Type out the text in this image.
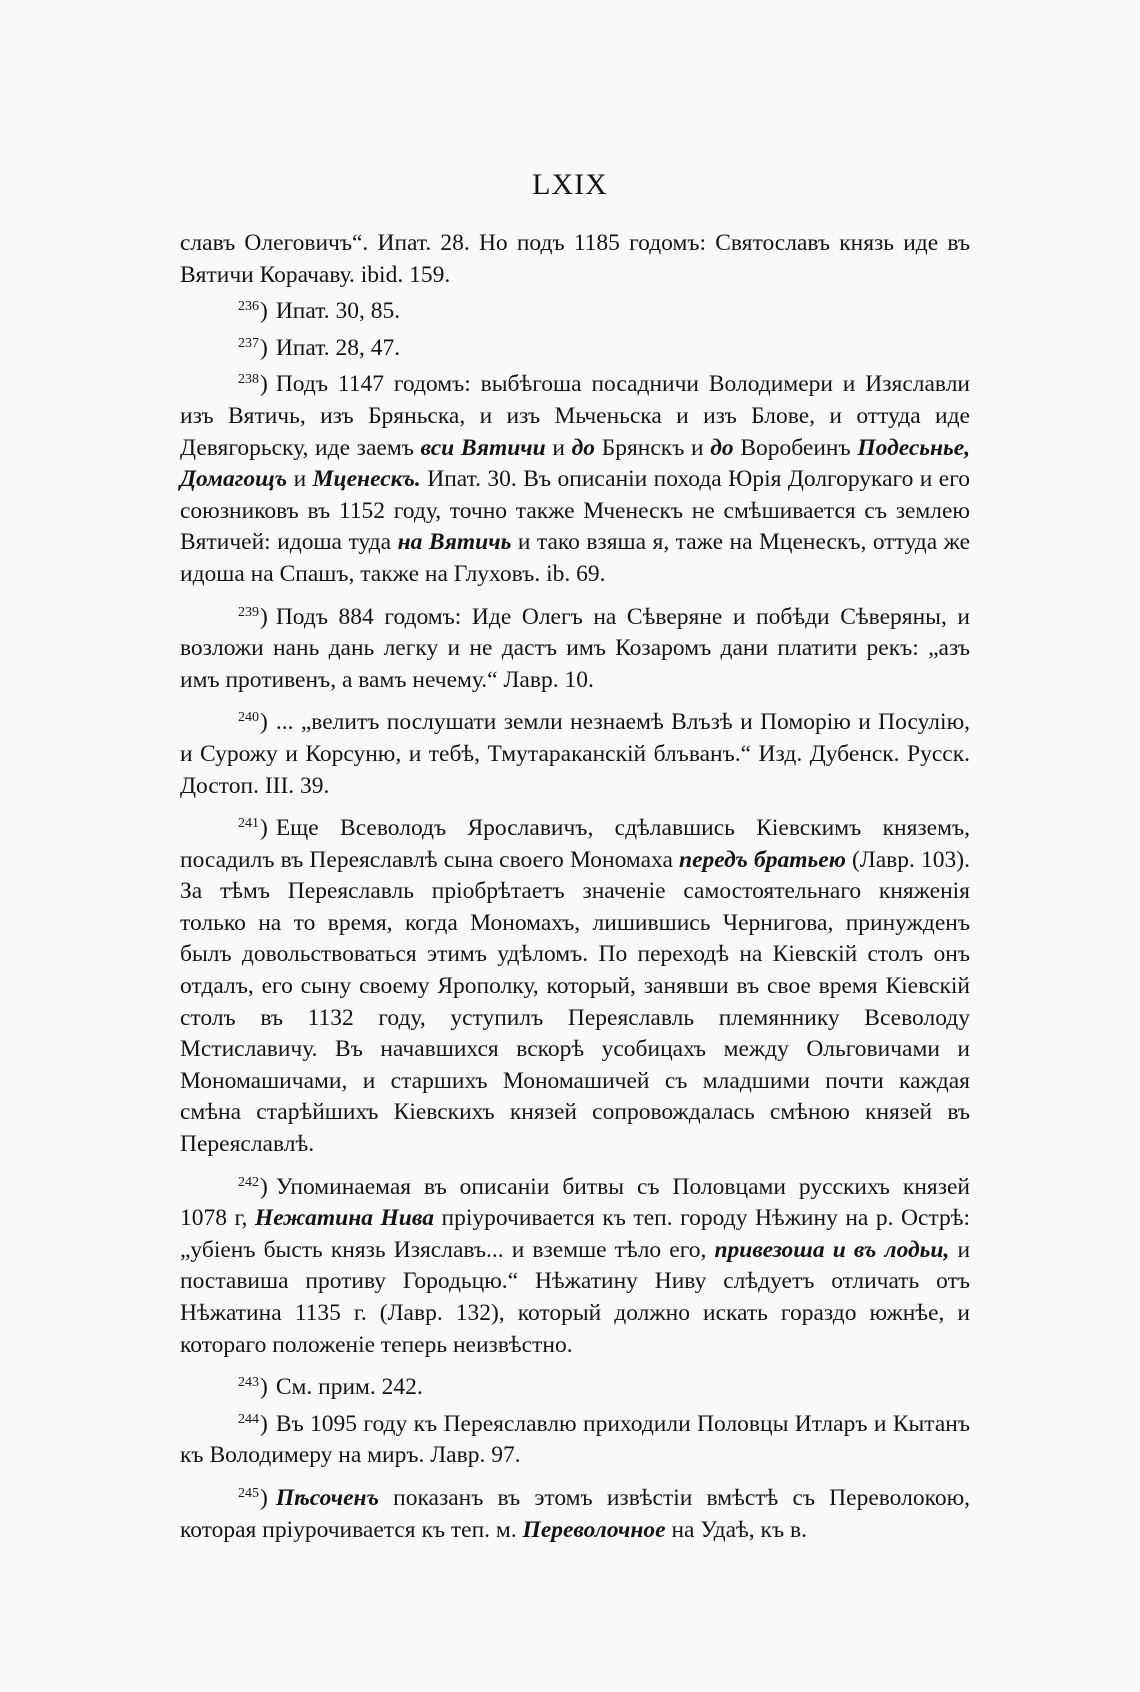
LXIX

славъ Олеговичъ“. Ипат. 28. Но подъ 1185 годомъ: Святославъ князь иде въ Вятичи Корачаву. ibid. 159.

$^{236}$) Ипат. 30, 85.

$^{237}$) Ипат. 28, 47.

$^{238}$) Подъ 1147 годомъ: выбѣгоша посадничи Володимери и Изяславли изъ Вятичь, изъ Бряньска, и изъ Мьченьска и изъ Блове, и оттуда иде Девягорьску, иде заемъ вси Вятичи и до Брянскъ и до Воробеинъ Подесьнье, Домагощъ и Мценескъ. Ипат. 30. Въ описаніи похода Юрія Долгорукаго и его союзниковъ въ 1152 году, точно также Мченескъ не смѣшивается съ землею Вятичей: идоша туда на Вятичь и тако взяша я, таже на Мценескъ, оттуда же идоша на Спашъ, также на Глуховъ. ib. 69.

$^{239}$) Подъ 884 годомъ: Иде Олегъ на Сѣверяне и побѣди Сѣверяны, и возложи нань дань легку и не дастъ имъ Козаромъ дани платити рекъ: „азъ имъ противенъ, а вамъ нечему.“ Лавр. 10.

$^{240}$) ... „велитъ послушати земли незнаемѣ Влъзѣ и Поморію и Посулію, и Сурожу и Корсуню, и тебѣ, Тмутараканскій блъванъ.“ Изд. Дубенск. Русск. Достоп. III. 39.

$^{241}$) Еще Всеволодъ Ярославичъ, сдѣлавшись Кіевскимъ княземъ, посадилъ въ Переяславлѣ сына своего Мономаха передъ братьею (Лавр. 103). За тѣмъ Переяславль пріобрѣтаетъ значеніе самостоятельнаго княженія только на то время, когда Мономахъ, лишившись Чернигова, принужденъ былъ довольствоваться этимъ удѣломъ. По переходѣ на Кіевскій столъ онъ отдалъ, его сыну своему Ярополку, который, занявши въ свое время Кіевскій столъ въ 1132 году, уступилъ Переяславль племяннику Всеволоду Мстиславичу. Въ начавшихся вскорѣ усобицахъ между Ольговичами и Мономашичами, и старшихъ Мономашичей съ младшими почти каждая смѣна старѣйшихъ Кіевскихъ князей сопровождалась смѣною князей въ Переяславлѣ.

$^{242}$) Упоминаемая въ описаніи битвы съ Половцами русскихъ князей 1078 г, Нежатина Нива пріурочивается къ теп. городу Нѣжину на р. Острѣ: „убіенъ бысть князь Изяславъ... и вземше тѣло его, привезоша и въ лодьи, и поставиша противу Городьцю.“ Нѣжатину Ниву слѣдуетъ отличать отъ Нѣжатина 1135 г. (Лавр. 132), который должно искать гораздо южнѣе, и котораго положеніе теперь неизвѣстно.

$^{243}$) См. прим. 242.

$^{244}$) Въ 1095 году къ Переяславлю приходили Половцы Итларъ и Кытанъ къ Володимеру на миръ. Лавр. 97.

$^{245}$) Пѣсоченъ показанъ въ этомъ извѣстіи вмѣстѣ съ Переволокою, которая пріурочивается къ теп. м. Переволочное на Удаѣ, къ в.
